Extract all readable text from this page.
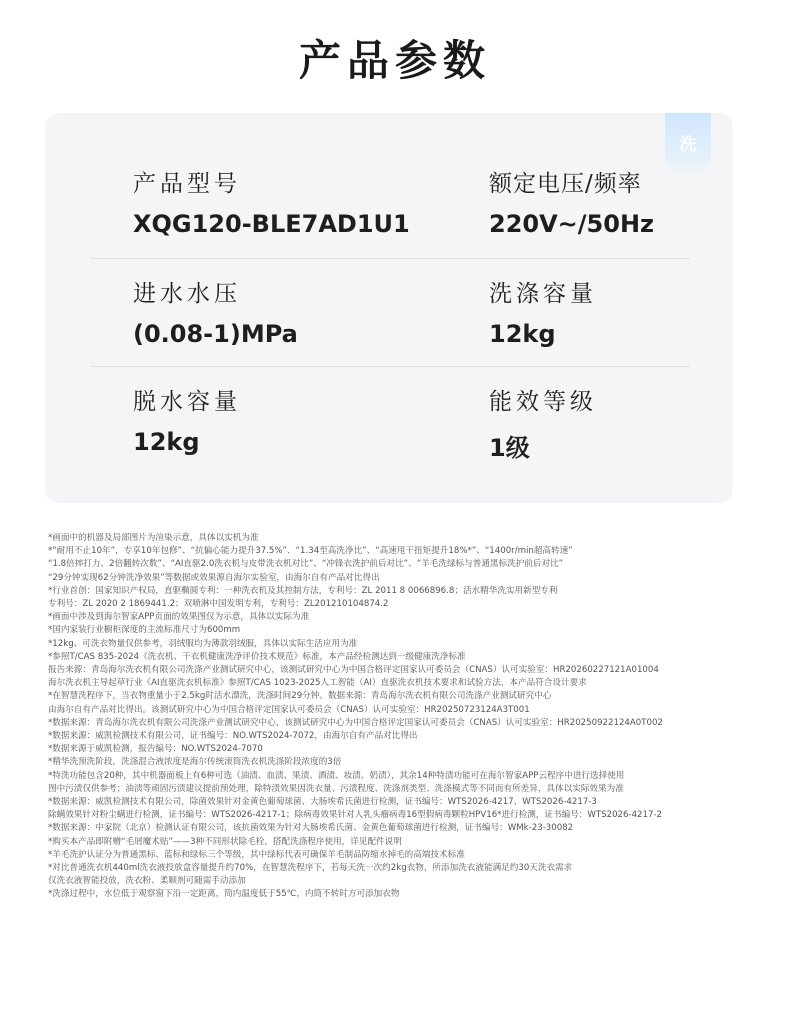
产品参数
洗
产品型号
XQG120-BLE7AD1U1
额定电压/频率
220V~/50Hz
进水水压
(0.08-1)MPa
洗涤容量
12kg
脱水容量
12kg
能效等级
1级
*画面中的机器及局部图片为渲染示意，具体以实机为准
*“耐用不止10年”，专享10年包修”、“抗偏心能力提升37.5%”、“1.34至高洗净比”、“高速甩干扭矩提升18%*”、“1400r/min超高转速”
“1.8倍摔打力、2倍翻转次数”、“AI直驱2.0洗衣机与皮带洗衣机对比”、“冲锋衣洗护前后对比”、“羊毛洗绿标与普通黑标洗护前后对比”
“29分钟实现62分钟洗净效果”等数据或效果源自海尔实验室，由海尔自有产品对比得出
*行业首创：国家知识产权局，直驱椭圆专利：一种洗衣机及其控制方法，专利号：ZL 2011 8 0066896.8；活水精华洗实用新型专利
专利号：ZL 2020 2 1869441.2；双喷淋中国发明专利，专利号：ZL201210104874.2
*画面中涉及到海尔智家APP页面的效果图仅为示意，具体以实际为准
*国内家装行业橱柜深度的主流标准尺寸为600mm
*12kg、可洗衣物量仅供参考，羽绒服均为薄款羽绒服，具体以实际生活应用为准
*参照T/CAS 835-2024《洗衣机、干衣机健康洗净评价技术规范》标准，本产品经检测达到一级健康洗净标准
报告来源：青岛海尔洗衣机有限公司洗涤产业测试研究中心，该测试研究中心为中国合格评定国家认可委员会（CNAS）认可实验室：HR20260227121A01004
海尔洗衣机主导起草行业《AI直驱洗衣机标准》参照T/CAS 1023-2025人工智能（AI）直驱洗衣机技术要求和试验方法，本产品符合设计要求
*在智慧洗程序下，当衣物重量小于2.5kg时活水漂洗，洗涤时间29分钟。数据来源：青岛海尔洗衣机有限公司洗涤产业测试研究中心
由海尔自有产品对比得出。该测试研究中心为中国合格评定国家认可委员会（CNAS）认可实验室：HR20250723124A3T001
*数据来源：青岛海尔洗衣机有限公司洗涤产业测试研究中心，该测试研究中心为中国合格评定国家认可委员会（CNAS）认可实验室：HR20250922124A0T002
*数据来源：威凯检测技术有限公司，证书编号：NO.WTS2024-7072，由海尔自有产品对比得出
*数据来源于威凯检测，报告编号：NO.WTS2024-7070
*精华洗预洗阶段，洗涤混合液浓度是海尔传统滚筒洗衣机洗涤阶段浓度的3倍
*特洗功能包含20种，其中机器面板上有6种可选（油渍、血渍、果渍、酒渍、妆渍、奶渍），其余14种特渍功能可在海尔智家APP云程序中进行选择使用
图中污渍仅供参考；油渍等顽固污渍建议提前预处理，除特渍效果因洗衣量、污渍程度、洗涤剂类型、洗涤模式等不同而有所差异，具体以实际效果为准
*数据来源：威凯检测技术有限公司，除菌效果针对金黄色葡萄球菌、大肠埃希氏菌进行检测，证书编号：WTS2026-4217、WTS2026-4217-3
除螨效果针对粉尘螨进行检测，证书编号：WTS2026-4217-1；除病毒效果针对人乳头瘤病毒16型假病毒颗粒HPV16*进行检测，证书编号：WTS2026-4217-2
*数据来源：中家院（北京）检测认证有限公司，该抗菌效果为针对大肠埃希氏菌、金黄色葡萄球菌进行检测，证书编号：WMk-23-30082
*购买本产品即附赠“毛屑魔术贴”——3种不同形状除毛栓，搭配洗涤程序使用，详见配件说明
*羊毛洗护认证分为普通黑标、蓝标和绿标三个等级，其中绿标代表可确保羊毛制品防缩水掉毛的高端技术标准
*对比普通洗衣机440ml洗衣液投放盒容量提升约70%，在智慧洗程序下，若每天洗一次约2kg衣物，所添加洗衣液能满足约30天洗衣需求
仅洗衣液智能投放，洗衣粉、柔顺剂可随需手动添加
*洗涤过程中，水位低于观察窗下沿一定距离，筒内温度低于55℃，内筒不转时方可添加衣物
